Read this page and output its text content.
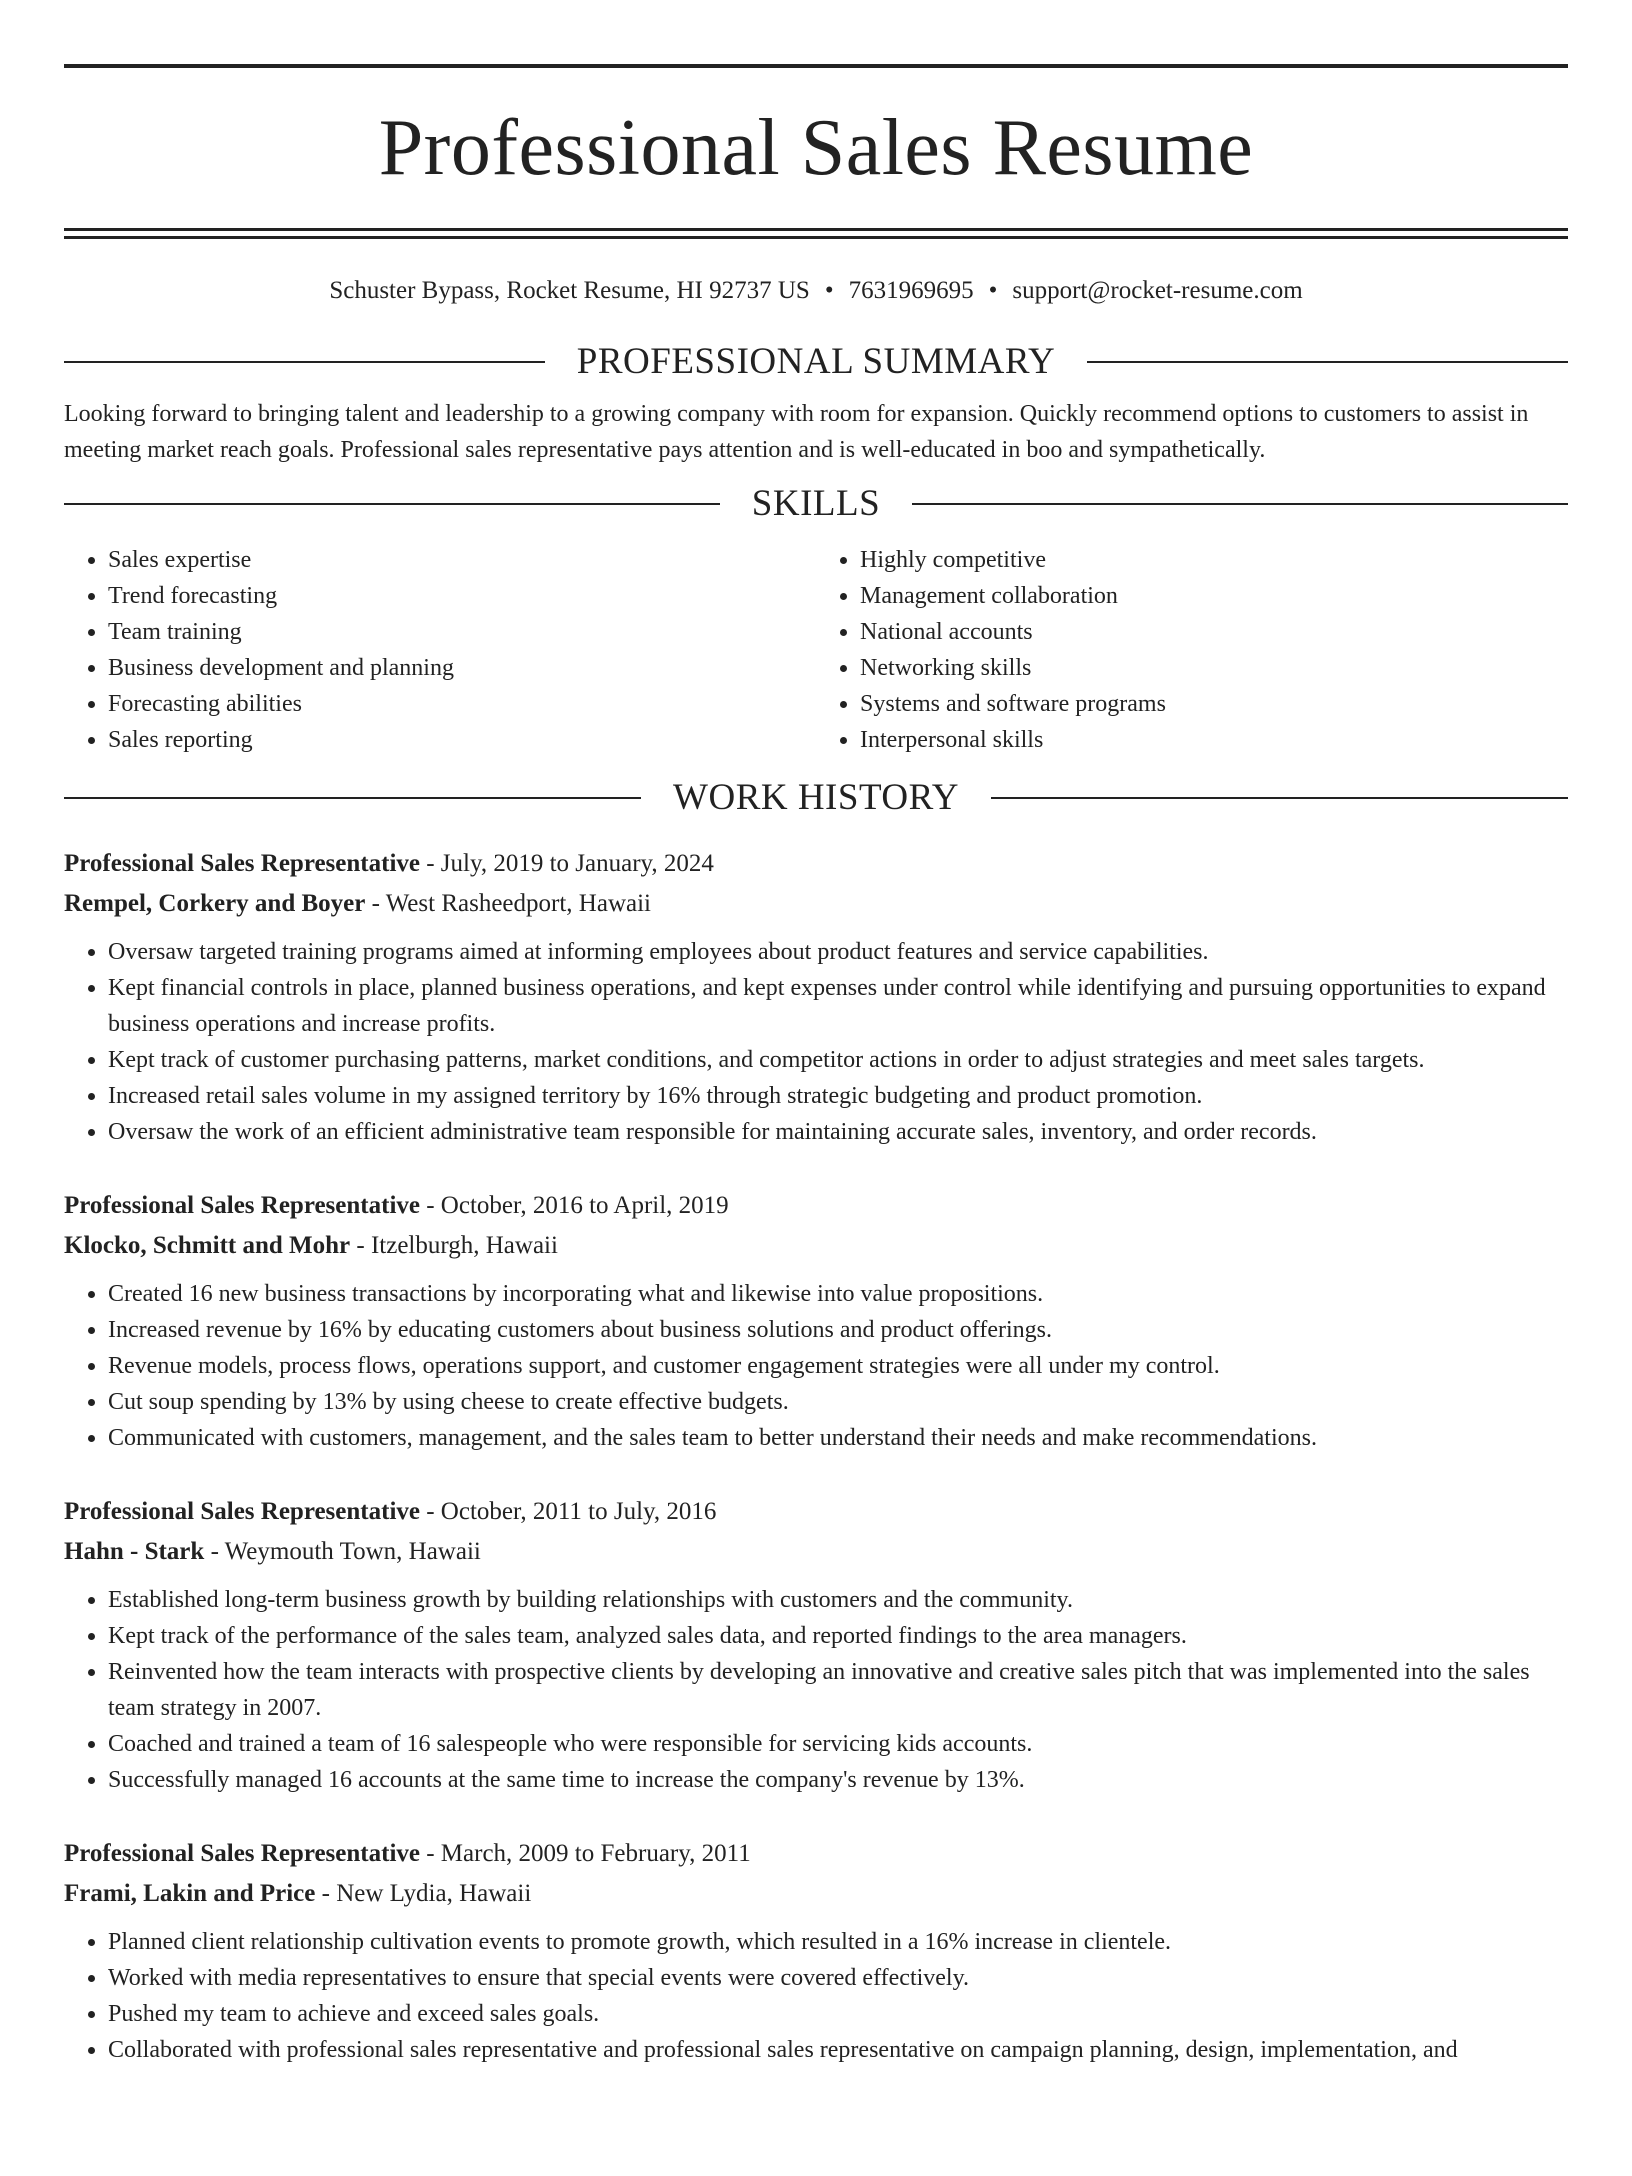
Professional Sales Resume
Schuster Bypass, Rocket Resume, HI 92737 US • 7631969695 • support@rocket-resume.com
PROFESSIONAL SUMMARY

Looking forward to bringing talent and leadership to a growing company with room for expansion. Quickly recommend options to customers to assist in meeting market reach goals. Professional sales representative pays attention and is well-educated in boo and sympathetically.

SKILLS
• Sales expertise
• Trend forecasting
• Team training
• Business development and planning
• Forecasting abilities
• Sales reporting
• Highly competitive
• Management collaboration
• National accounts
• Networking skills
• Systems and software programs
• Interpersonal skills
WORK HISTORY
Professional Sales Representative - July, 2019 to January, 2024
Rempel, Corkery and Boyer - West Rasheedport, Hawaii
• Oversaw targeted training programs aimed at informing employees about product features and service capabilities.
• Kept financial controls in place, planned business operations, and kept expenses under control while identifying and pursuing opportunities to expand business operations and increase profits.
• Kept track of customer purchasing patterns, market conditions, and competitor actions in order to adjust strategies and meet sales targets.
• Increased retail sales volume in my assigned territory by 16% through strategic budgeting and product promotion.
• Oversaw the work of an efficient administrative team responsible for maintaining accurate sales, inventory, and order records.
Professional Sales Representative - October, 2016 to April, 2019
Klocko, Schmitt and Mohr - Itzelburgh, Hawaii
• Created 16 new business transactions by incorporating what and likewise into value propositions.
• Increased revenue by 16% by educating customers about business solutions and product offerings.
• Revenue models, process flows, operations support, and customer engagement strategies were all under my control.
• Cut soup spending by 13% by using cheese to create effective budgets.
• Communicated with customers, management, and the sales team to better understand their needs and make recommendations.
Professional Sales Representative - October, 2011 to July, 2016
Hahn - Stark - Weymouth Town, Hawaii
• Established long-term business growth by building relationships with customers and the community.
• Kept track of the performance of the sales team, analyzed sales data, and reported findings to the area managers.
• Reinvented how the team interacts with prospective clients by developing an innovative and creative sales pitch that was implemented into the sales team strategy in 2007.
• Coached and trained a team of 16 salespeople who were responsible for servicing kids accounts.
• Successfully managed 16 accounts at the same time to increase the company's revenue by 13%.
Professional Sales Representative - March, 2009 to February, 2011
Frami, Lakin and Price - New Lydia, Hawaii
• Planned client relationship cultivation events to promote growth, which resulted in a 16% increase in clientele.
• Worked with media representatives to ensure that special events were covered effectively.
• Pushed my team to achieve and exceed sales goals.
• Collaborated with professional sales representative and professional sales representative on campaign planning, design, implementation, and
